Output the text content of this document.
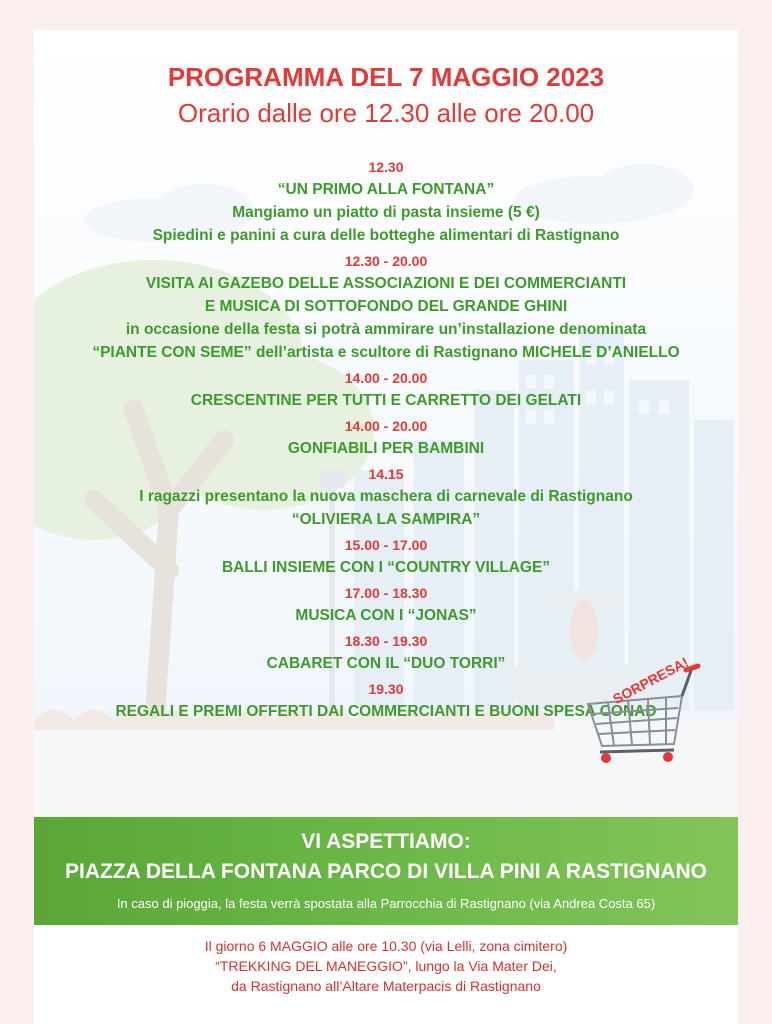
PROGRAMMA DEL 7 MAGGIO 2023
Orario dalle ore 12.30 alle ore 20.00
12.30
“UN PRIMO ALLA FONTANA”
Mangiamo un piatto di pasta insieme (5 €)
Spiedini e panini a cura delle botteghe alimentari di Rastignano
12.30 - 20.00
VISITA AI GAZEBO DELLE ASSOCIAZIONI E DEI COMMERCIANTI
E MUSICA DI SOTTOFONDO DEL GRANDE GHINI
in occasione della festa si potrà ammirare un’installazione denominata
“PIANTE CON SEME” dell’artista e scultore di Rastignano MICHELE D’ANIELLO
14.00 - 20.00
CRESCENTINE PER TUTTI E CARRETTO DEI GELATI
14.00 - 20.00
GONFIABILI PER BAMBINI
14.15
I ragazzi presentano la nuova maschera di carnevale di Rastignano
“OLIVIERA LA SAMPIRA”
15.00 - 17.00
BALLI INSIEME CON I “COUNTRY VILLAGE”
17.00 - 18.30
MUSICA CON I “JONAS”
18.30 - 19.30
CABARET CON IL “DUO TORRI”
19.30
REGALI E PREMI OFFERTI DAI COMMERCIANTI E BUONI SPESA CONAD
SORPRESA!
VI ASPETTIAMO:
PIAZZA DELLA FONTANA PARCO DI VILLA PINI A RASTIGNANO
In caso di pioggia, la festa verrà spostata alla Parrocchia di Rastignano (via Andrea Costa 65)
Il giorno 6 MAGGIO alle ore 10.30 (via Lelli, zona cimitero)
“TREKKING DEL MANEGGIO”, lungo la Via Mater Dei,
da Rastignano all’Altare Materpacis di Rastignano
